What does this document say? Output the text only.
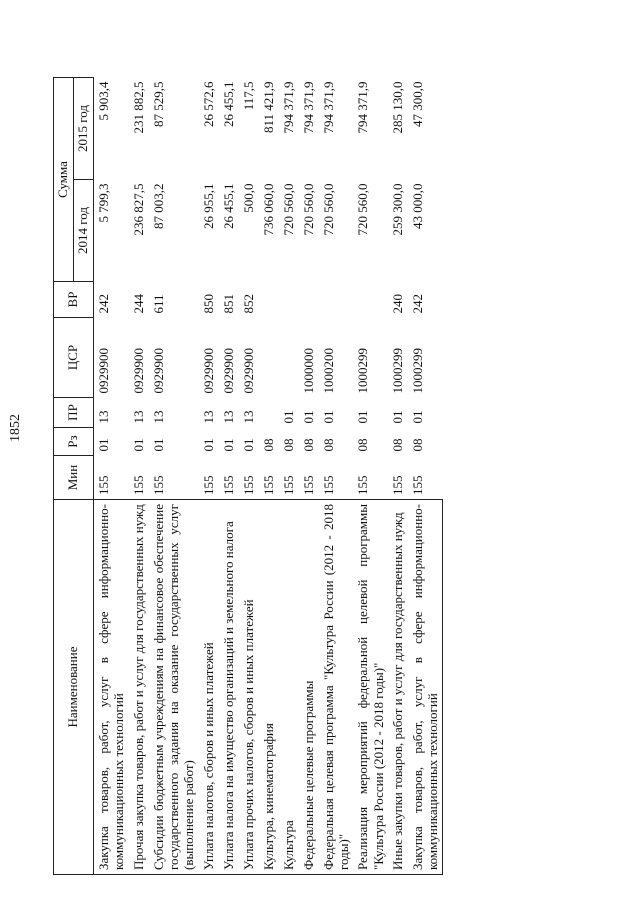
1852
Наименование	Мин	Рз	ПР	ЦСР	ВР	Сумма	
						2014 год	2015 год
Закупка товаров, работ, услуг в сфере информационно-коммуникационных технологий	155	01	13	0929900	242	5 799,3	5 903,4
Прочая закупка товаров, работ и услуг для государственных нужд	155	01	13	0929900	244	236 827,5	231 882,5
Субсидии бюджетным учреждениям на финансовое обеспечение государственного задания на оказание государственных услуг (выполнение работ)	155	01	13	0929900	611	87 003,2	87 529,5
Уплата налогов, сборов и иных платежей	155	01	13	0929900	850	26 955,1	26 572,6
Уплата налога на имущество организаций и земельного налога	155	01	13	0929900	851	26 455,1	26 455,1
Уплата прочих налогов, сборов и иных платежей	155	01	13	0929900	852	500,0	117,5
Культура, кинематография	155	08				736 060,0	811 421,9
Культура	155	08	01			720 560,0	794 371,9
Федеральные целевые программы	155	08	01	1000000		720 560,0	794 371,9
Федеральная целевая программа "Культура России (2012 - 2018 годы)"	155	08	01	1000200		720 560,0	794 371,9
Реализация мероприятий федеральной целевой программы "Культура России (2012 - 2018 годы)"	155	08	01	1000299		720 560,0	794 371,9
Иные закупки товаров, работ и услуг для государственных нужд	155	08	01	1000299	240	259 300,0	285 130,0
Закупка товаров, работ, услуг в сфере информационно-коммуникационных технологий	155	08	01	1000299	242	43 000,0	47 300,0
